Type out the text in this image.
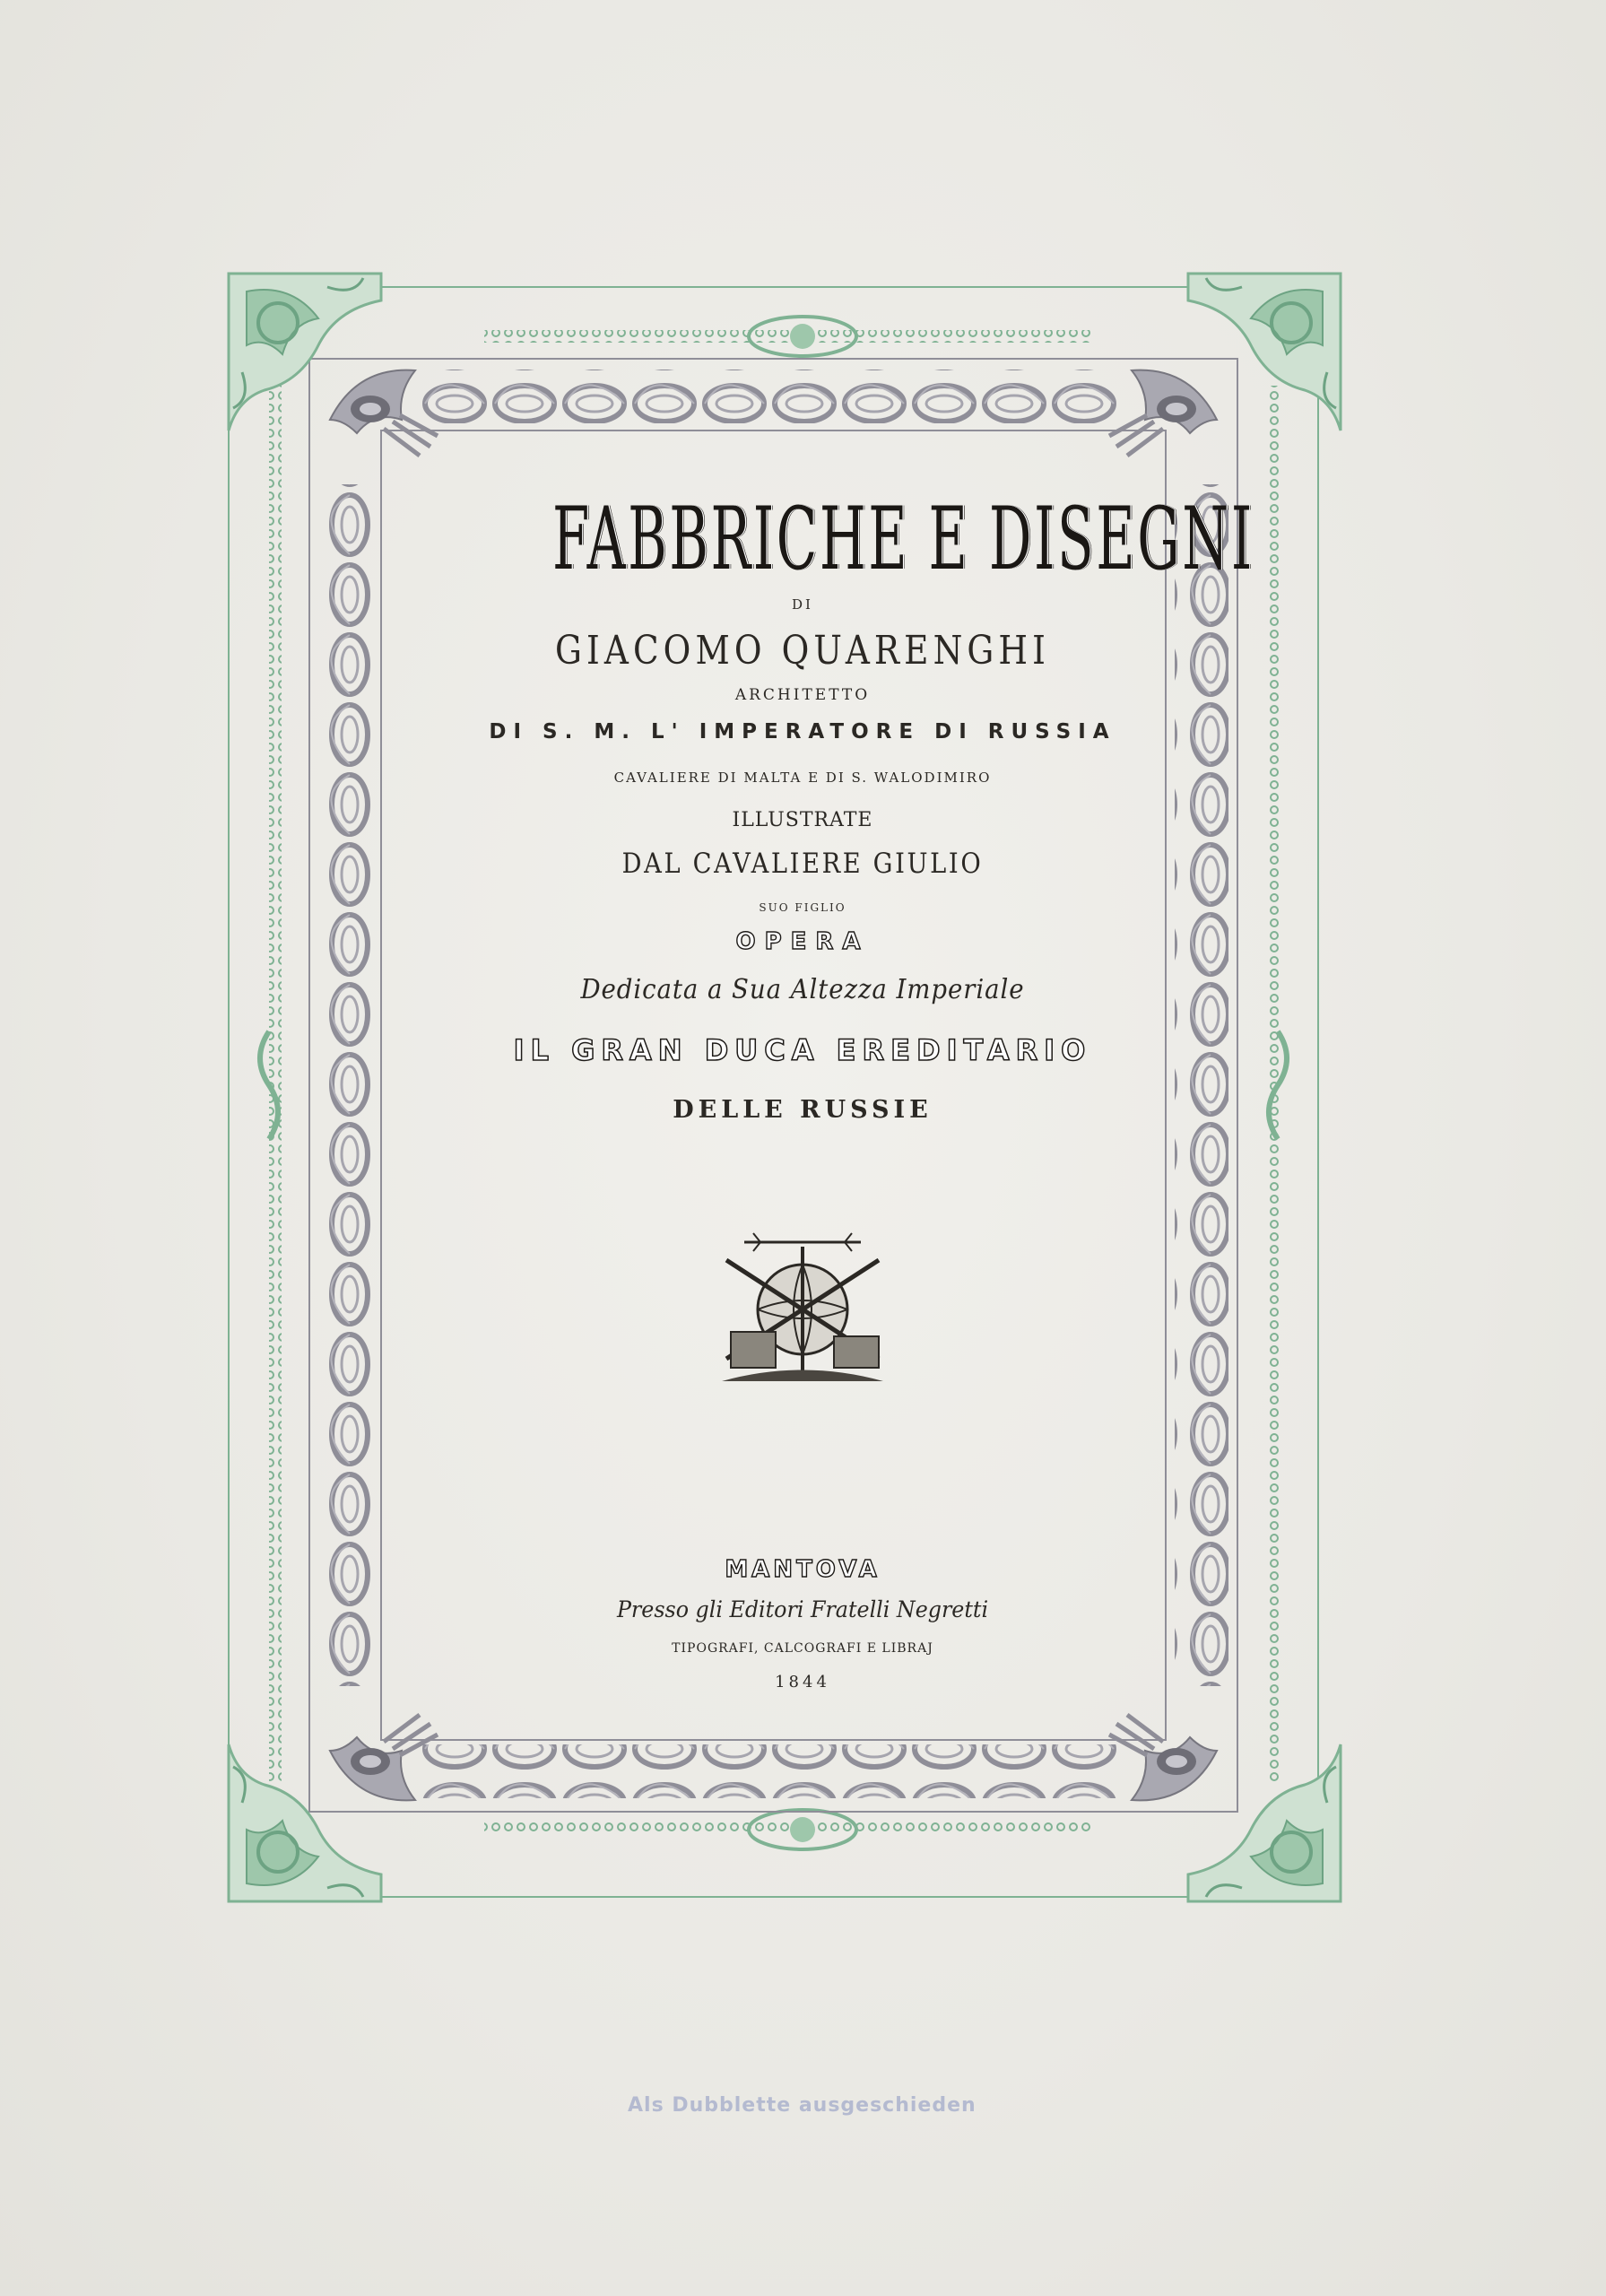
FABBRICHE E DISEGNI
DI
GIACOMO QUARENGHI
ARCHITETTO
DI S. M. L' IMPERATORE DI RUSSIA
CAVALIERE DI MALTA E DI S. WALODIMIRO
ILLUSTRATE
DAL CAVALIERE GIULIO
SUO FIGLIO
OPERA
Dedicata a Sua Altezza Imperiale
IL GRAN DUCA EREDITARIO
DELLE RUSSIE
MANTOVA
Presso gli Editori Fratelli Negretti
TIPOGRAFI, CALCOGRAFI E LIBRAJ
1844
Als Dubblette ausgeschieden
